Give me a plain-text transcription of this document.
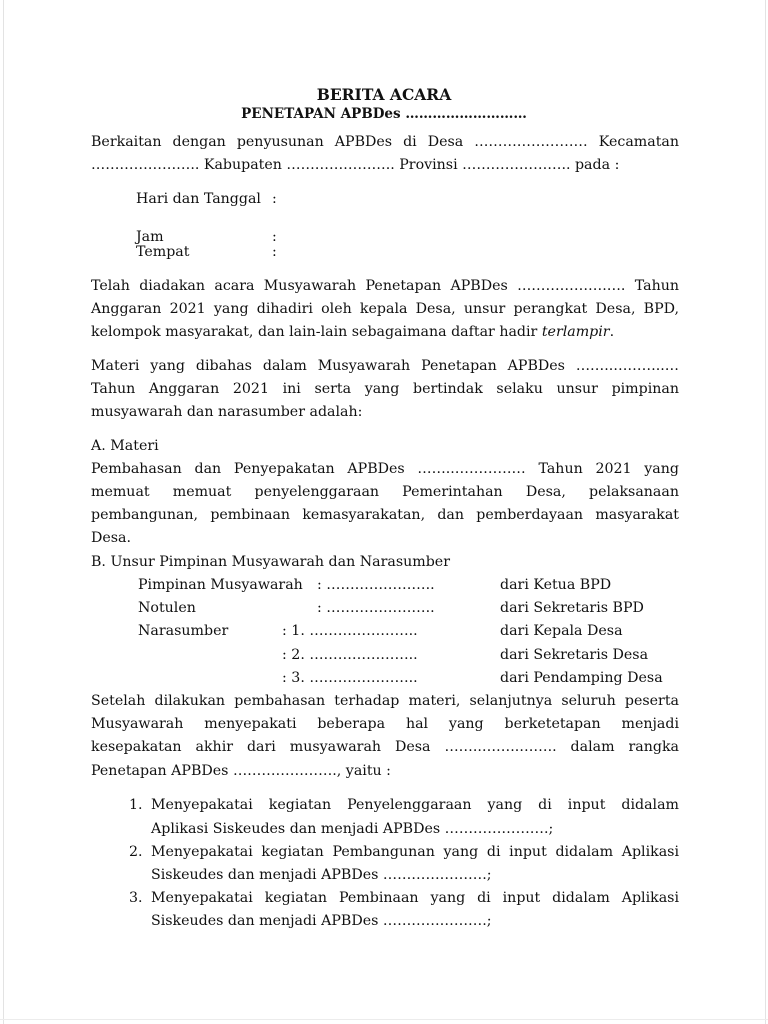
BERITA ACARA
PENETAPAN APBDes ………………………
Berkaitan dengan penyusunan APBDes di Desa …………………… Kecamatan
………………….. Kabupaten ………………….. Provinsi ………………….. pada :
Hari dan Tanggal :
Jam	:
Tempat	:
Telah diadakan acara Musyawarah Penetapan APBDes ……………….…. Tahun
Anggaran 2021 yang dihadiri oleh kepala Desa, unsur perangkat Desa, BPD,
kelompok masyarakat, dan lain-lain sebagaimana daftar hadir terlampir.
Materi yang dibahas dalam Musyawarah Penetapan APBDes ……..………..…
Tahun Anggaran 2021 ini serta yang bertindak selaku unsur pimpinan
musyawarah dan narasumber adalah:
A. Materi
Pembahasan dan Penyepakatan APBDes ……..…………… Tahun 2021 yang
memuat memuat penyelenggaraan Pemerintahan Desa, pelaksanaan
pembangunan, pembinaan kemasyarakatan, dan pemberdayaan masyarakat
Desa.
B. Unsur Pimpinan Musyawarah dan Narasumber
Pimpinan Musyawarah : …………………..	dari Ketua BPD
Notulen	: …………………..	dari Sekretaris BPD
Narasumber	: 1. …………………..	dari Kepala Desa
: 2. …………………..	dari Sekretaris Desa
: 3. …………………..	dari Pendamping Desa
Setelah dilakukan pembahasan terhadap materi, selanjutnya seluruh peserta
Musyawarah menyepakati beberapa hal yang berketetapan menjadi
kesepakatan akhir dari musyawarah Desa ……..……..…….. dalam rangka
Penetapan APBDes …………………., yaitu :
1. Menyepakatai kegiatan Penyelenggaraan yang di input didalam
Aplikasi Siskeudes dan menjadi APBDes ………………….;
2. Menyepakatai kegiatan Pembangunan yang di input didalam Aplikasi
Siskeudes dan menjadi APBDes ………………….;
3. Menyepakatai kegiatan Pembinaan yang di input didalam Aplikasi
Siskeudes dan menjadi APBDes ………………….;
